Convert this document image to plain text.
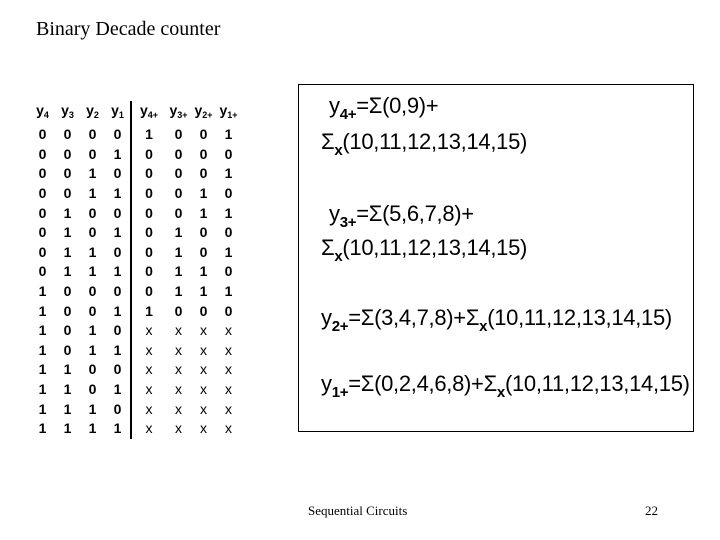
Binary Decade counter
$y_4$	$y_3$	$y_2$	$y_1$	$y_{4+}$	$y_{3+}$	$y_{2+}$	$y_{1+}$
0	0	0	0	1	0	0	1
0	0	0	1	0	0	0	0
0	0	1	0	0	0	0	1
0	0	1	1	0	0	1	0
0	1	0	0	0	0	1	1
0	1	0	1	0	1	0	0
0	1	1	0	0	1	0	1
0	1	1	1	0	1	1	0
1	0	0	0	0	1	1	1
1	0	0	1	1	0	0	0
1	0	1	0	x	x	x	x
1	0	1	1	x	x	x	x
1	1	0	0	x	x	x	x
1	1	0	1	x	x	x	x
1	1	1	0	x	x	x	x
1	1	1	1	x	x	x	x
$y_{4+}=\Sigma(0,9)+$
$\Sigma_x(10,11,12,13,14,15)$
$y_{3+}=\Sigma(5,6,7,8)+$
$\Sigma_x(10,11,12,13,14,15)$
$y_{2+}=\Sigma(3,4,7,8)+\Sigma_x(10,11,12,13,14,15)$
$y_{1+}=\Sigma(0,2,4,6,8)+\Sigma_x(10,11,12,13,14,15)$
Sequential Circuits	22
